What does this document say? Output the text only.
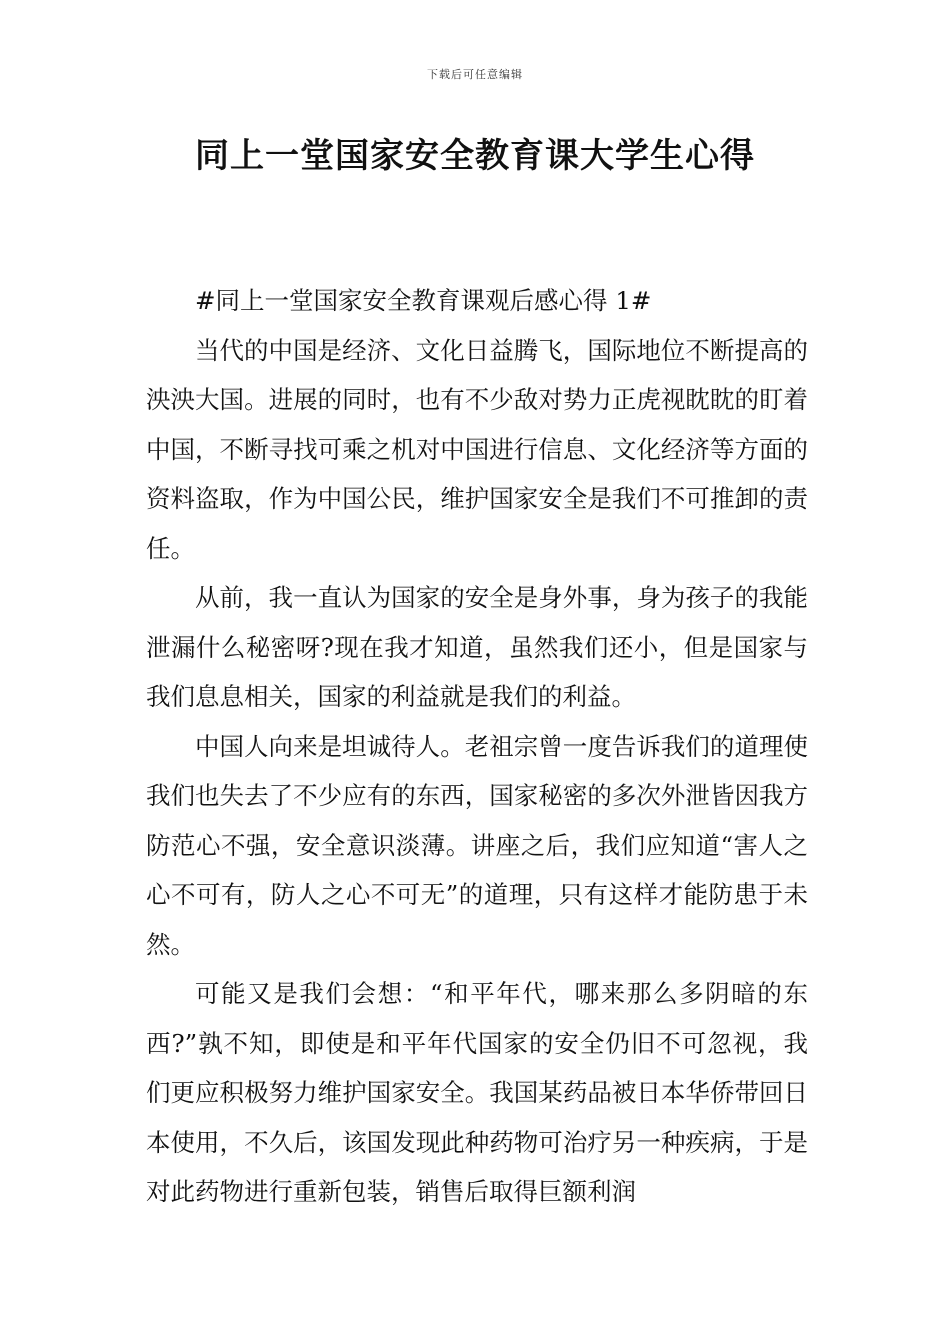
下载后可任意编辑
同上一堂国家安全教育课大学生心得

#同上一堂国家安全教育课观后感心得 1#

当代的中国是经济、文化日益腾飞，国际地位不断提高的泱泱大国。进展的同时，也有不少敌对势力正虎视眈眈的盯着中国，不断寻找可乘之机对中国进行信息、文化经济等方面的资料盗取，作为中国公民，维护国家安全是我们不可推卸的责任。

从前，我一直认为国家的安全是身外事，身为孩子的我能泄漏什么秘密呀?现在我才知道，虽然我们还小，但是国家与我们息息相关，国家的利益就是我们的利益。

中国人向来是坦诚待人。老祖宗曾一度告诉我们的道理使我们也失去了不少应有的东西，国家秘密的多次外泄皆因我方防范心不强，安全意识淡薄。讲座之后，我们应知道“害人之心不可有，防人之心不可无”的道理，只有这样才能防患于未然。

可能又是我们会想：“和平年代，哪来那么多阴暗的东西?”孰不知，即使是和平年代国家的安全仍旧不可忽视，我们更应积极努力维护国家安全。我国某药品被日本华侨带回日本使用，不久后，该国发现此种药物可治疗另一种疾病，于是对此药物进行重新包装，销售后取得巨额利润
